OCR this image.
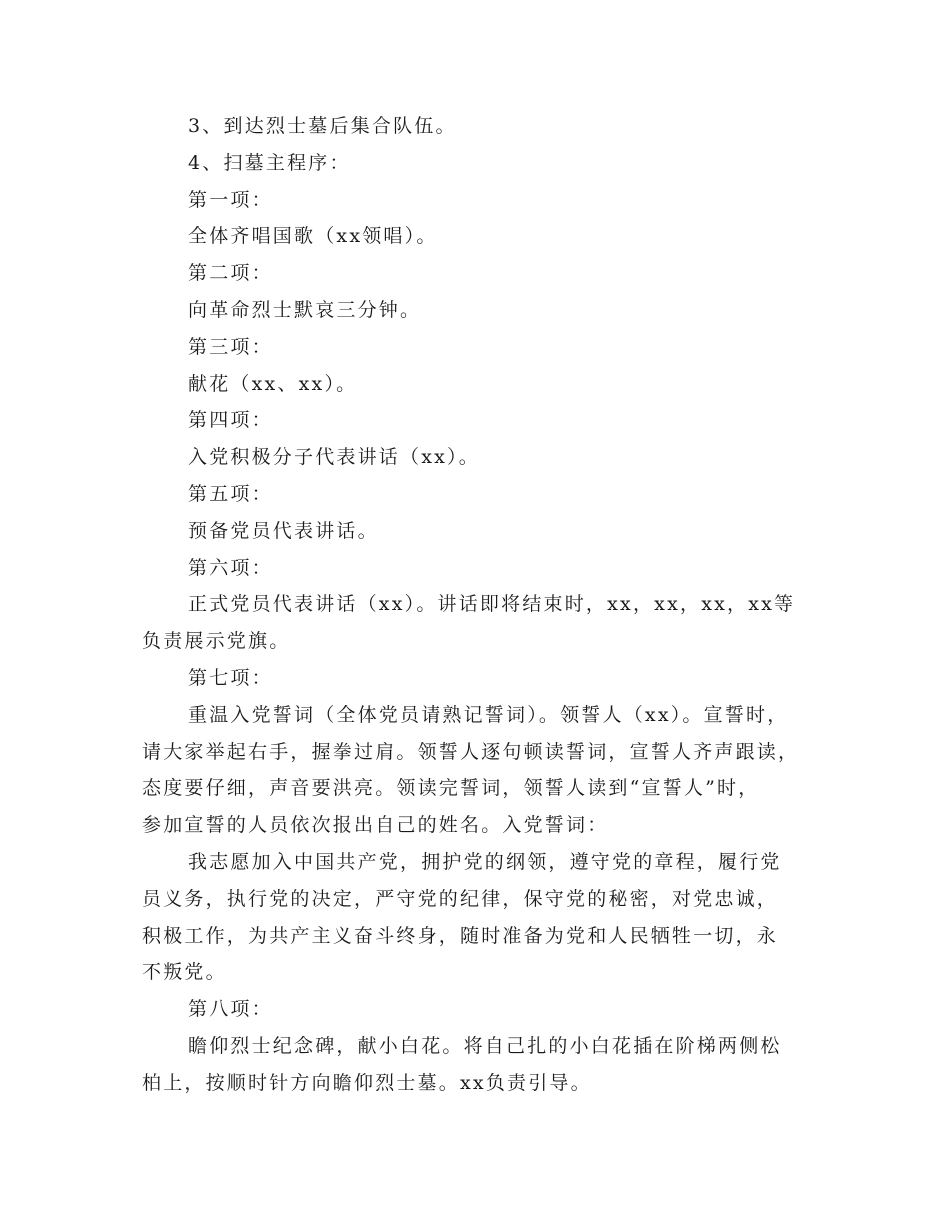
3、到达烈士墓后集合队伍。
4、扫墓主程序：
第一项：
全体齐唱国歌（xx领唱）。
第二项：
向革命烈士默哀三分钟。
第三项：
献花（xx、xx）。
第四项：
入党积极分子代表讲话（xx）。
第五项：
预备党员代表讲话。
第六项：
正式党员代表讲话（xx）。讲话即将结束时，xx，xx，xx，xx等
负责展示党旗。
第七项：
重温入党誓词（全体党员请熟记誓词）。领誓人（xx）。宣誓时，
请大家举起右手，握拳过肩。领誓人逐句顿读誓词，宣誓人齐声跟读，
态度要仔细，声音要洪亮。领读完誓词，领誓人读到“宣誓人”时，
参加宣誓的人员依次报出自己的姓名。入党誓词：
我志愿加入中国共产党，拥护党的纲领，遵守党的章程，履行党
员义务，执行党的决定，严守党的纪律，保守党的秘密，对党忠诚，
积极工作，为共产主义奋斗终身，随时准备为党和人民牺牲一切，永
不叛党。
第八项：
瞻仰烈士纪念碑，献小白花。将自己扎的小白花插在阶梯两侧松
柏上，按顺时针方向瞻仰烈士墓。xx负责引导。
